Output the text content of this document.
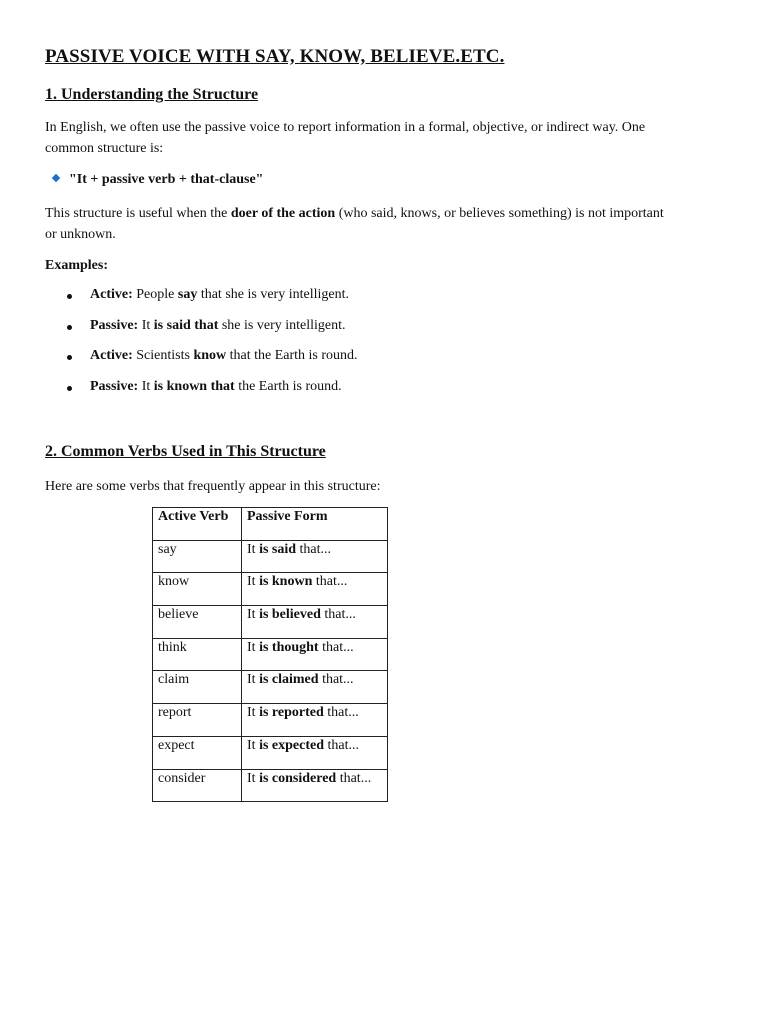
PASSIVE VOICE WITH SAY, KNOW, BELIEVE.ETC.
1. Understanding the Structure
In English, we often use the passive voice to report information in a formal, objective, or indirect way. One
common structure is:
"It + passive verb + that-clause"
This structure is useful when the doer of the action (who said, knows, or believes something) is not important
or unknown.
Examples:
Active: People say that she is very intelligent.
Passive: It is said that she is very intelligent.
Active: Scientists know that the Earth is round.
Passive: It is known that the Earth is round.
2. Common Verbs Used in This Structure
Here are some verbs that frequently appear in this structure:
Active Verb	Passive Form
say	It is said that...
know	It is known that...
believe	It is believed that...
think	It is thought that...
claim	It is claimed that...
report	It is reported that...
expect	It is expected that...
consider	It is considered that...
